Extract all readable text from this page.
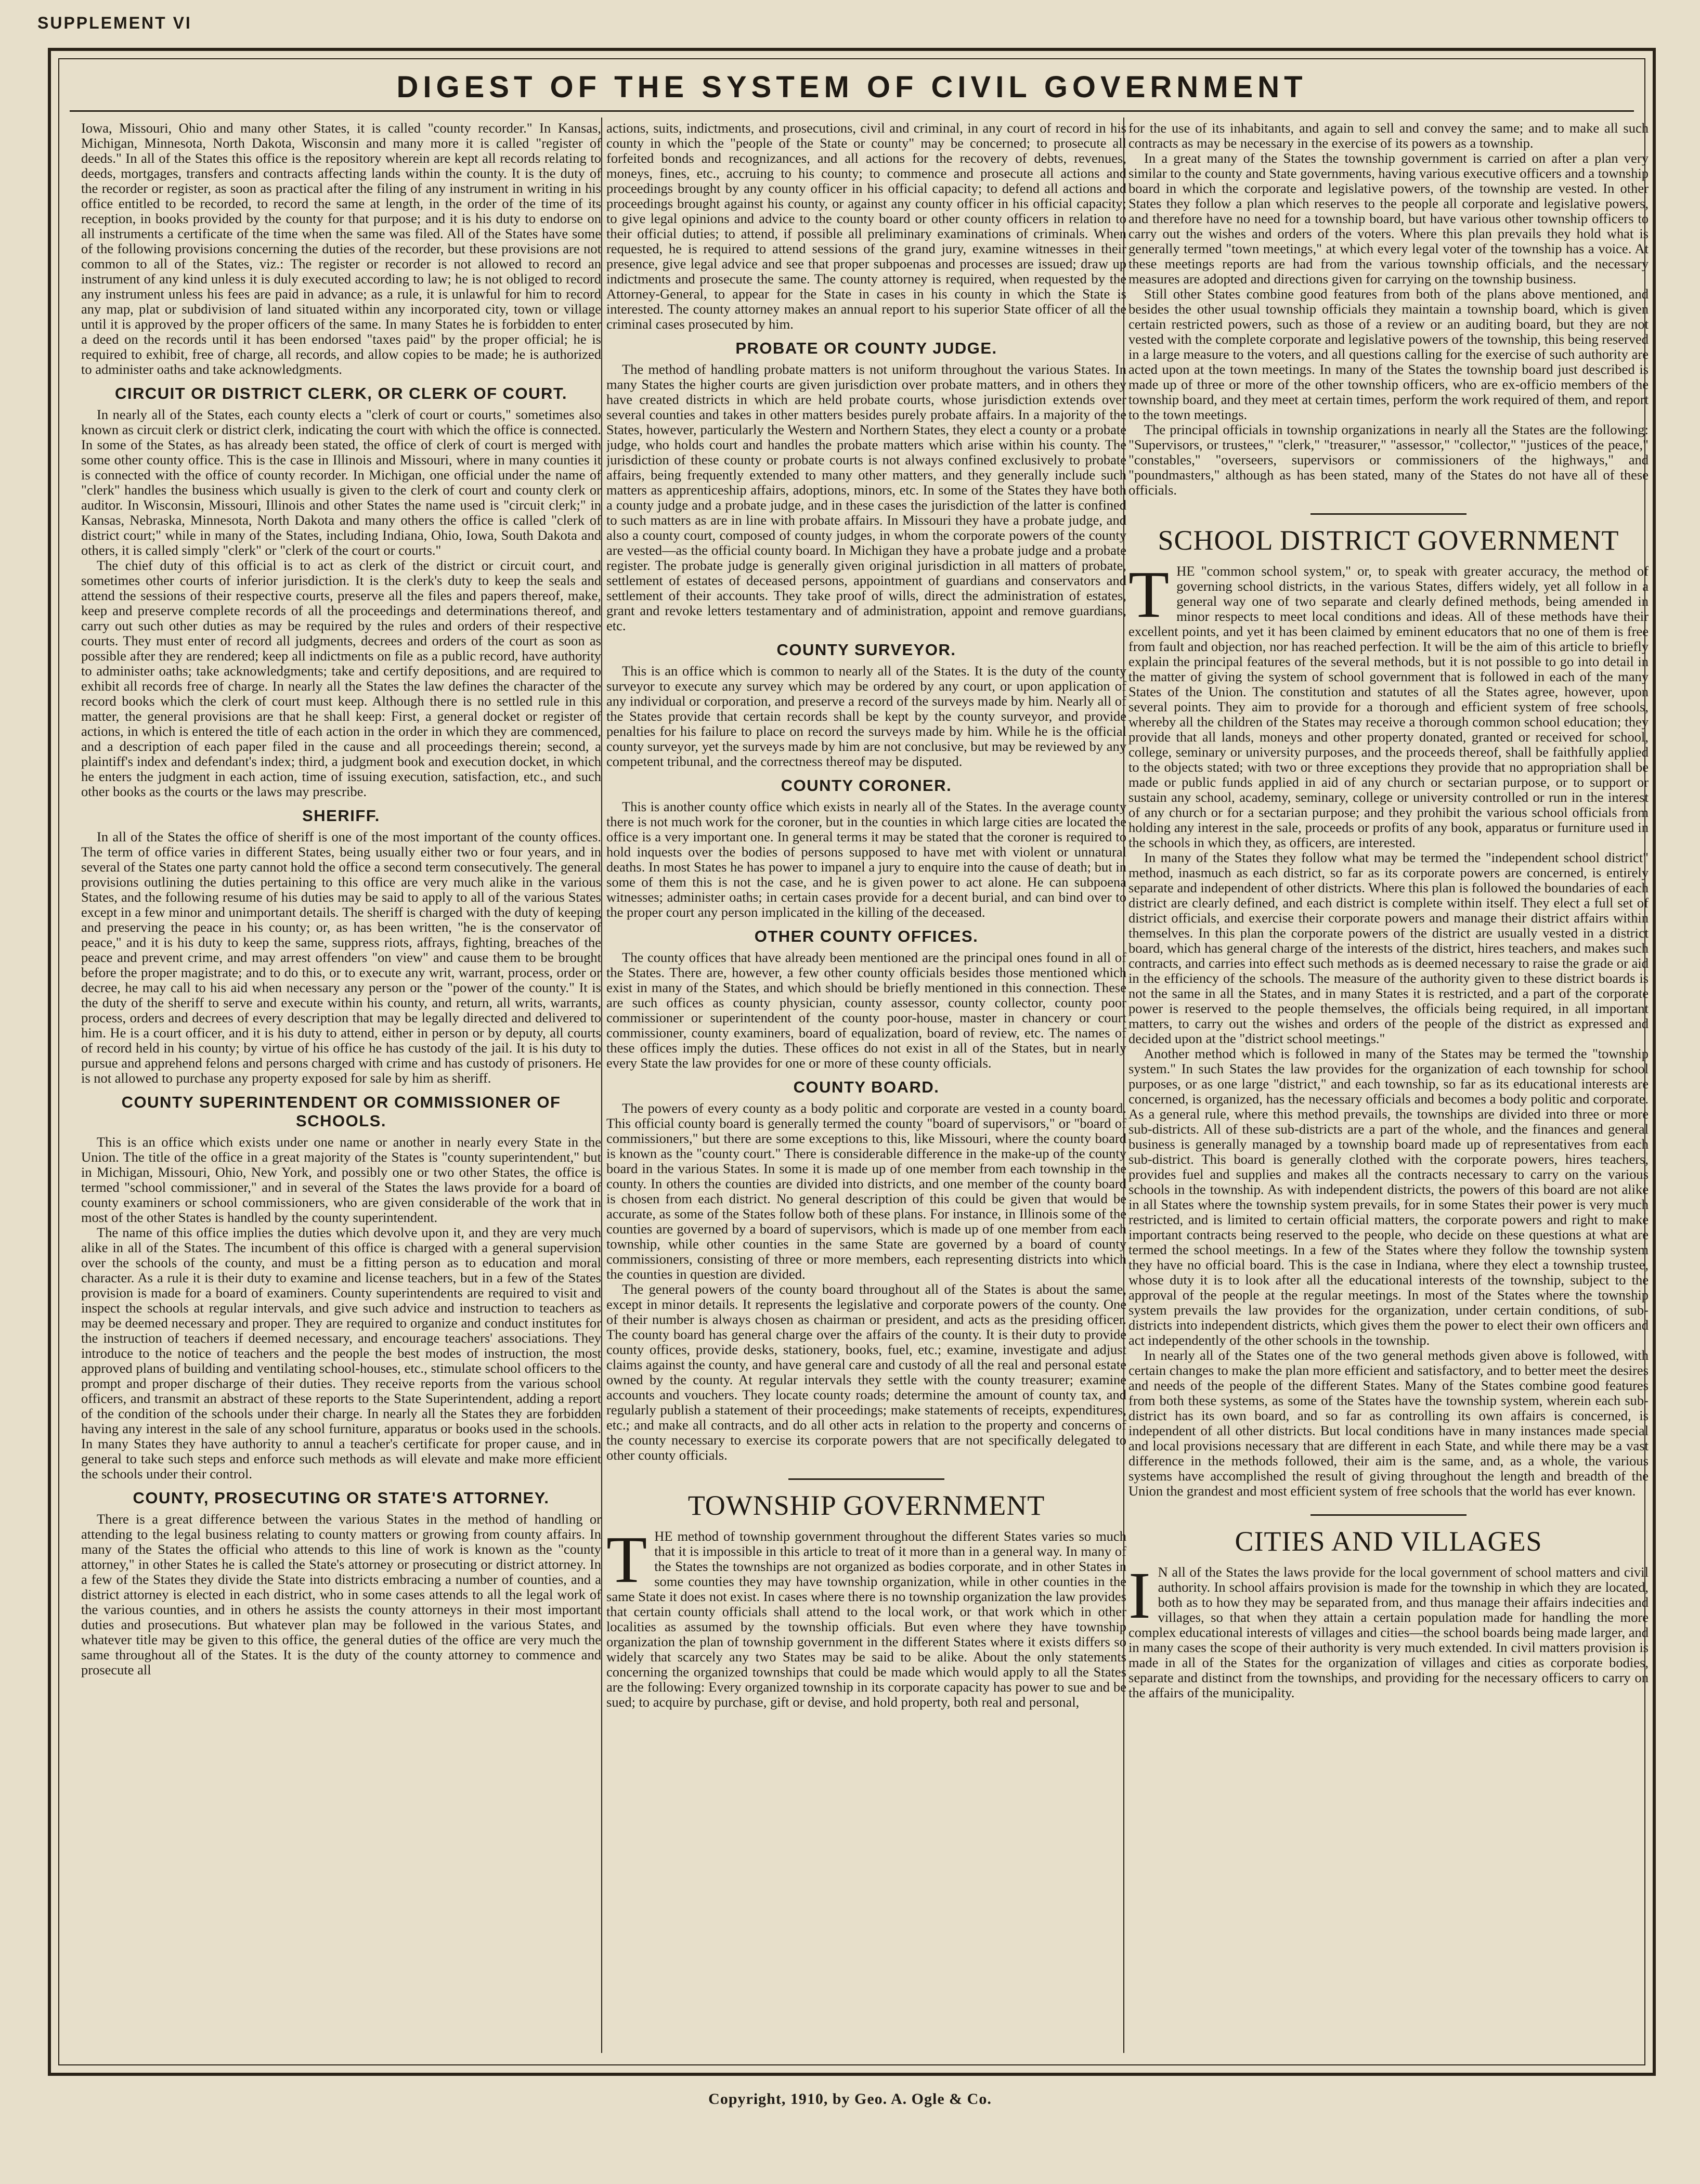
SUPPLEMENT VI
DIGEST OF THE SYSTEM OF CIVIL GOVERNMENT

Iowa, Missouri, Ohio and many other States, it is called "county recorder." In Kansas, Michigan, Minnesota, North Dakota, Wisconsin and many more it is called "register of deeds." In all of the States this office is the repository wherein are kept all records relating to deeds, mortgages, transfers and contracts affecting lands within the county. It is the duty of the recorder or register, as soon as practical after the filing of any instrument in writing in his office entitled to be recorded, to record the same at length, in the order of the time of its reception, in books provided by the county for that purpose; and it is his duty to endorse on all instruments a certificate of the time when the same was filed. All of the States have some of the following provisions concerning the duties of the recorder, but these provisions are not common to all of the States, viz.: The register or recorder is not allowed to record an instrument of any kind unless it is duly executed according to law; he is not obliged to record any instrument unless his fees are paid in advance; as a rule, it is unlawful for him to record any map, plat or subdivision of land situated within any incorporated city, town or village until it is approved by the proper officers of the same. In many States he is forbidden to enter a deed on the records until it has been endorsed "taxes paid" by the proper official; he is required to exhibit, free of charge, all records, and allow copies to be made; he is authorized to administer oaths and take acknowledgments.

CIRCUIT OR DISTRICT CLERK, OR CLERK OF COURT.

In nearly all of the States, each county elects a "clerk of court or courts," sometimes also known as circuit clerk or district clerk, indicating the court with which the office is connected. In some of the States, as has already been stated, the office of clerk of court is merged with some other county office. This is the case in Illinois and Missouri, where in many counties it is connected with the office of county recorder. In Michigan, one official under the name of "clerk" handles the business which usually is given to the clerk of court and county clerk or auditor. In Wisconsin, Missouri, Illinois and other States the name used is "circuit clerk;" in Kansas, Nebraska, Minnesota, North Dakota and many others the office is called "clerk of district court;" while in many of the States, including Indiana, Ohio, Iowa, South Dakota and others, it is called simply "clerk" or "clerk of the court or courts."

The chief duty of this official is to act as clerk of the district or circuit court, and sometimes other courts of inferior jurisdiction. It is the clerk's duty to keep the seals and attend the sessions of their respective courts, preserve all the files and papers thereof, make, keep and preserve complete records of all the proceedings and determinations thereof, and carry out such other duties as may be required by the rules and orders of their respective courts. They must enter of record all judgments, decrees and orders of the court as soon as possible after they are rendered; keep all indictments on file as a public record, have authority to administer oaths; take acknowledgments; take and certify depositions, and are required to exhibit all records free of charge. In nearly all the States the law defines the character of the record books which the clerk of court must keep. Although there is no settled rule in this matter, the general provisions are that he shall keep: First, a general docket or register of actions, in which is entered the title of each action in the order in which they are commenced, and a description of each paper filed in the cause and all proceedings therein; second, a plaintiff's index and defendant's index; third, a judgment book and execution docket, in which he enters the judgment in each action, time of issuing execution, satisfaction, etc., and such other books as the courts or the laws may prescribe.

SHERIFF.

In all of the States the office of sheriff is one of the most important of the county offices. The term of office varies in different States, being usually either two or four years, and in several of the States one party cannot hold the office a second term consecutively. The general provisions outlining the duties pertaining to this office are very much alike in the various States, and the following resume of his duties may be said to apply to all of the various States except in a few minor and unimportant details. The sheriff is charged with the duty of keeping and preserving the peace in his county; or, as has been written, "he is the conservator of peace," and it is his duty to keep the same, suppress riots, affrays, fighting, breaches of the peace and prevent crime, and may arrest offenders "on view" and cause them to be brought before the proper magistrate; and to do this, or to execute any writ, warrant, process, order or decree, he may call to his aid when necessary any person or the "power of the county." It is the duty of the sheriff to serve and execute within his county, and return, all writs, warrants, process, orders and decrees of every description that may be legally directed and delivered to him. He is a court officer, and it is his duty to attend, either in person or by deputy, all courts of record held in his county; by virtue of his office he has custody of the jail. It is his duty to pursue and apprehend felons and persons charged with crime and has custody of prisoners. He is not allowed to purchase any property exposed for sale by him as sheriff.

COUNTY SUPERINTENDENT OR COMMISSIONER OF SCHOOLS.

This is an office which exists under one name or another in nearly every State in the Union. The title of the office in a great majority of the States is "county superintendent," but in Michigan, Missouri, Ohio, New York, and possibly one or two other States, the office is termed "school commissioner," and in several of the States the laws provide for a board of county examiners or school commissioners, who are given considerable of the work that in most of the other States is handled by the county superintendent.

The name of this office implies the duties which devolve upon it, and they are very much alike in all of the States. The incumbent of this office is charged with a general supervision over the schools of the county, and must be a fitting person as to education and moral character. As a rule it is their duty to examine and license teachers, but in a few of the States provision is made for a board of examiners. County superintendents are required to visit and inspect the schools at regular intervals, and give such advice and instruction to teachers as may be deemed necessary and proper. They are required to organize and conduct institutes for the instruction of teachers if deemed necessary, and encourage teachers' associations. They introduce to the notice of teachers and the people the best modes of instruction, the most approved plans of building and ventilating school-houses, etc., stimulate school officers to the prompt and proper discharge of their duties. They receive reports from the various school officers, and transmit an abstract of these reports to the State Superintendent, adding a report of the condition of the schools under their charge. In nearly all the States they are forbidden having any interest in the sale of any school furniture, apparatus or books used in the schools. In many States they have authority to annul a teacher's certificate for proper cause, and in general to take such steps and enforce such methods as will elevate and make more efficient the schools under their control.

COUNTY, PROSECUTING OR STATE'S ATTORNEY.

There is a great difference between the various States in the method of handling or attending to the legal business relating to county matters or growing from county affairs. In many of the States the official who attends to this line of work is known as the "county attorney," in other States he is called the State's attorney or prosecuting or district attorney. In a few of the States they divide the State into districts embracing a number of counties, and a district attorney is elected in each district, who in some cases attends to all the legal work of the various counties, and in others he assists the county attorneys in their most important duties and prosecutions. But whatever plan may be followed in the various States, and whatever title may be given to this office, the general duties of the office are very much the same throughout all of the States. It is the duty of the county attorney to commence and prosecute all

actions, suits, indictments, and prosecutions, civil and criminal, in any court of record in his county in which the "people of the State or county" may be concerned; to prosecute all forfeited bonds and recognizances, and all actions for the recovery of debts, revenues, moneys, fines, etc., accruing to his county; to commence and prosecute all actions and proceedings brought by any county officer in his official capacity; to defend all actions and proceedings brought against his county, or against any county officer in his official capacity; to give legal opinions and advice to the county board or other county officers in relation to their official duties; to attend, if possible all preliminary examinations of criminals. When requested, he is required to attend sessions of the grand jury, examine witnesses in their presence, give legal advice and see that proper subpoenas and processes are issued; draw up indictments and prosecute the same. The county attorney is required, when requested by the Attorney-General, to appear for the State in cases in his county in which the State is interested. The county attorney makes an annual report to his superior State officer of all the criminal cases prosecuted by him.

PROBATE OR COUNTY JUDGE.

The method of handling probate matters is not uniform throughout the various States. In many States the higher courts are given jurisdiction over probate matters, and in others they have created districts in which are held probate courts, whose jurisdiction extends over several counties and takes in other matters besides purely probate affairs. In a majority of the States, however, particularly the Western and Northern States, they elect a county or a probate judge, who holds court and handles the probate matters which arise within his county. The jurisdiction of these county or probate courts is not always confined exclusively to probate affairs, being frequently extended to many other matters, and they generally include such matters as apprenticeship affairs, adoptions, minors, etc. In some of the States they have both a county judge and a probate judge, and in these cases the jurisdiction of the latter is confined to such matters as are in line with probate affairs. In Missouri they have a probate judge, and also a county court, composed of county judges, in whom the corporate powers of the county are vested—as the official county board. In Michigan they have a probate judge and a probate register. The probate judge is generally given original jurisdiction in all matters of probate, settlement of estates of deceased persons, appointment of guardians and conservators and settlement of their accounts. They take proof of wills, direct the administration of estates, grant and revoke letters testamentary and of administration, appoint and remove guardians, etc.

COUNTY SURVEYOR.

This is an office which is common to nearly all of the States. It is the duty of the county surveyor to execute any survey which may be ordered by any court, or upon application of any individual or corporation, and preserve a record of the surveys made by him. Nearly all of the States provide that certain records shall be kept by the county surveyor, and provide penalties for his failure to place on record the surveys made by him. While he is the official county surveyor, yet the surveys made by him are not conclusive, but may be reviewed by any competent tribunal, and the correctness thereof may be disputed.

COUNTY CORONER.

This is another county office which exists in nearly all of the States. In the average county there is not much work for the coroner, but in the counties in which large cities are located the office is a very important one. In general terms it may be stated that the coroner is required to hold inquests over the bodies of persons supposed to have met with violent or unnatural deaths. In most States he has power to impanel a jury to enquire into the cause of death; but in some of them this is not the case, and he is given power to act alone. He can subpoena witnesses; administer oaths; in certain cases provide for a decent burial, and can bind over to the proper court any person implicated in the killing of the deceased.

OTHER COUNTY OFFICES.

The county offices that have already been mentioned are the principal ones found in all of the States. There are, however, a few other county officials besides those mentioned which exist in many of the States, and which should be briefly mentioned in this connection. These are such offices as county physician, county assessor, county collector, county poor commissioner or superintendent of the county poor-house, master in chancery or court commissioner, county examiners, board of equalization, board of review, etc. The names of these offices imply the duties. These offices do not exist in all of the States, but in nearly every State the law provides for one or more of these county officials.

COUNTY BOARD.

The powers of every county as a body politic and corporate are vested in a county board. This official county board is generally termed the county "board of supervisors," or "board of commissioners," but there are some exceptions to this, like Missouri, where the county board is known as the "county court." There is considerable difference in the make-up of the county board in the various States. In some it is made up of one member from each township in the county. In others the counties are divided into districts, and one member of the county board is chosen from each district. No general description of this could be given that would be accurate, as some of the States follow both of these plans. For instance, in Illinois some of the counties are governed by a board of supervisors, which is made up of one member from each township, while other counties in the same State are governed by a board of county commissioners, consisting of three or more members, each representing districts into which the counties in question are divided.

The general powers of the county board throughout all of the States is about the same, except in minor details. It represents the legislative and corporate powers of the county. One of their number is always chosen as chairman or president, and acts as the presiding officer. The county board has general charge over the affairs of the county. It is their duty to provide county offices, provide desks, stationery, books, fuel, etc.; examine, investigate and adjust claims against the county, and have general care and custody of all the real and personal estate owned by the county. At regular intervals they settle with the county treasurer; examine accounts and vouchers. They locate county roads; determine the amount of county tax, and regularly publish a statement of their proceedings; make statements of receipts, expenditures, etc.; and make all contracts, and do all other acts in relation to the property and concerns of the county necessary to exercise its corporate powers that are not specifically delegated to other county officials.

TOWNSHIP GOVERNMENT

THE method of township government throughout the different States varies so much that it is impossible in this article to treat of it more than in a general way. In many of the States the townships are not organized as bodies corporate, and in other States in some counties they may have township organization, while in other counties in the same State it does not exist. In cases where there is no township organization the law provides that certain county officials shall attend to the local work, or that work which in other localities as assumed by the township officials. But even where they have township organization the plan of township government in the different States where it exists differs so widely that scarcely any two States may be said to be alike. About the only statements concerning the organized townships that could be made which would apply to all the States are the following: Every organized township in its corporate capacity has power to sue and be sued; to acquire by purchase, gift or devise, and hold property, both real and personal,

for the use of its inhabitants, and again to sell and convey the same; and to make all such contracts as may be necessary in the exercise of its powers as a township.

In a great many of the States the township government is carried on after a plan very similar to the county and State governments, having various executive officers and a township board in which the corporate and legislative powers, of the township are vested. In other States they follow a plan which reserves to the people all corporate and legislative powers, and therefore have no need for a township board, but have various other township officers to carry out the wishes and orders of the voters. Where this plan prevails they hold what is generally termed "town meetings," at which every legal voter of the township has a voice. At these meetings reports are had from the various township officials, and the necessary measures are adopted and directions given for carrying on the township business.

Still other States combine good features from both of the plans above mentioned, and besides the other usual township officials they maintain a township board, which is given certain restricted powers, such as those of a review or an auditing board, but they are not vested with the complete corporate and legislative powers of the township, this being reserved in a large measure to the voters, and all questions calling for the exercise of such authority are acted upon at the town meetings. In many of the States the township board just described is made up of three or more of the other township officers, who are ex-officio members of the township board, and they meet at certain times, perform the work required of them, and report to the town meetings.

The principal officials in township organizations in nearly all the States are the following: "Supervisors, or trustees," "clerk," "treasurer," "assessor," "collector," "justices of the peace," "constables," "overseers, supervisors or commissioners of the highways," and "poundmasters," although as has been stated, many of the States do not have all of these officials.

SCHOOL DISTRICT GOVERNMENT

THE "common school system," or, to speak with greater accuracy, the method of governing school districts, in the various States, differs widely, yet all follow in a general way one of two separate and clearly defined methods, being amended in minor respects to meet local conditions and ideas. All of these methods have their excellent points, and yet it has been claimed by eminent educators that no one of them is free from fault and objection, nor has reached perfection. It will be the aim of this article to briefly explain the principal features of the several methods, but it is not possible to go into detail in the matter of giving the system of school government that is followed in each of the many States of the Union. The constitution and statutes of all the States agree, however, upon several points. They aim to provide for a thorough and efficient system of free schools, whereby all the children of the States may receive a thorough common school education; they provide that all lands, moneys and other property donated, granted or received for school, college, seminary or university purposes, and the proceeds thereof, shall be faithfully applied to the objects stated; with two or three exceptions they provide that no appropriation shall be made or public funds applied in aid of any church or sectarian purpose, or to support or sustain any school, academy, seminary, college or university controlled or run in the interest of any church or for a sectarian purpose; and they prohibit the various school officials from holding any interest in the sale, proceeds or profits of any book, apparatus or furniture used in the schools in which they, as officers, are interested.

In many of the States they follow what may be termed the "independent school district" method, inasmuch as each district, so far as its corporate powers are concerned, is entirely separate and independent of other districts. Where this plan is followed the boundaries of each district are clearly defined, and each district is complete within itself. They elect a full set of district officials, and exercise their corporate powers and manage their district affairs within themselves. In this plan the corporate powers of the district are usually vested in a district board, which has general charge of the interests of the district, hires teachers, and makes such contracts, and carries into effect such methods as is deemed necessary to raise the grade or aid in the efficiency of the schools. The measure of the authority given to these district boards is not the same in all the States, and in many States it is restricted, and a part of the corporate power is reserved to the people themselves, the officials being required, in all important matters, to carry out the wishes and orders of the people of the district as expressed and decided upon at the "district school meetings."

Another method which is followed in many of the States may be termed the "township system." In such States the law provides for the organization of each township for school purposes, or as one large "district," and each township, so far as its educational interests are concerned, is organized, has the necessary officials and becomes a body politic and corporate. As a general rule, where this method prevails, the townships are divided into three or more sub-districts. All of these sub-districts are a part of the whole, and the finances and general business is generally managed by a township board made up of representatives from each sub-district. This board is generally clothed with the corporate powers, hires teachers, provides fuel and supplies and makes all the contracts necessary to carry on the various schools in the township. As with independent districts, the powers of this board are not alike in all States where the township system prevails, for in some States their power is very much restricted, and is limited to certain official matters, the corporate powers and right to make important contracts being reserved to the people, who decide on these questions at what are termed the school meetings. In a few of the States where they follow the township system they have no official board. This is the case in Indiana, where they elect a township trustee, whose duty it is to look after all the educational interests of the township, subject to the approval of the people at the regular meetings. In most of the States where the township system prevails the law provides for the organization, under certain conditions, of sub-districts into independent districts, which gives them the power to elect their own officers and act independently of the other schools in the township.

In nearly all of the States one of the two general methods given above is followed, with certain changes to make the plan more efficient and satisfactory, and to better meet the desires and needs of the people of the different States. Many of the States combine good features from both these systems, as some of the States have the township system, wherein each sub-district has its own board, and so far as controlling its own affairs is concerned, is independent of all other districts. But local conditions have in many instances made special and local provisions necessary that are different in each State, and while there may be a vast difference in the methods followed, their aim is the same, and, as a whole, the various systems have accomplished the result of giving throughout the length and breadth of the Union the grandest and most efficient system of free schools that the world has ever known.

CITIES AND VILLAGES

I N all of the States the laws provide for the local government of school matters and civil authority. In school affairs provision is made for the township in which they are located, both as to how they may be separated from, and thus manage their affairs indecities and villages, so that when they attain a certain population made for handling the more complex educational interests of villages and cities—the school boards being made larger, and in many cases the scope of their authority is very much extended. In civil matters provision is made in all of the States for the organization of villages and cities as corporate bodies, separate and distinct from the townships, and providing for the necessary officers to carry on the affairs of the municipality.

Copyright, 1910, by Geo. A. Ogle & Co.
